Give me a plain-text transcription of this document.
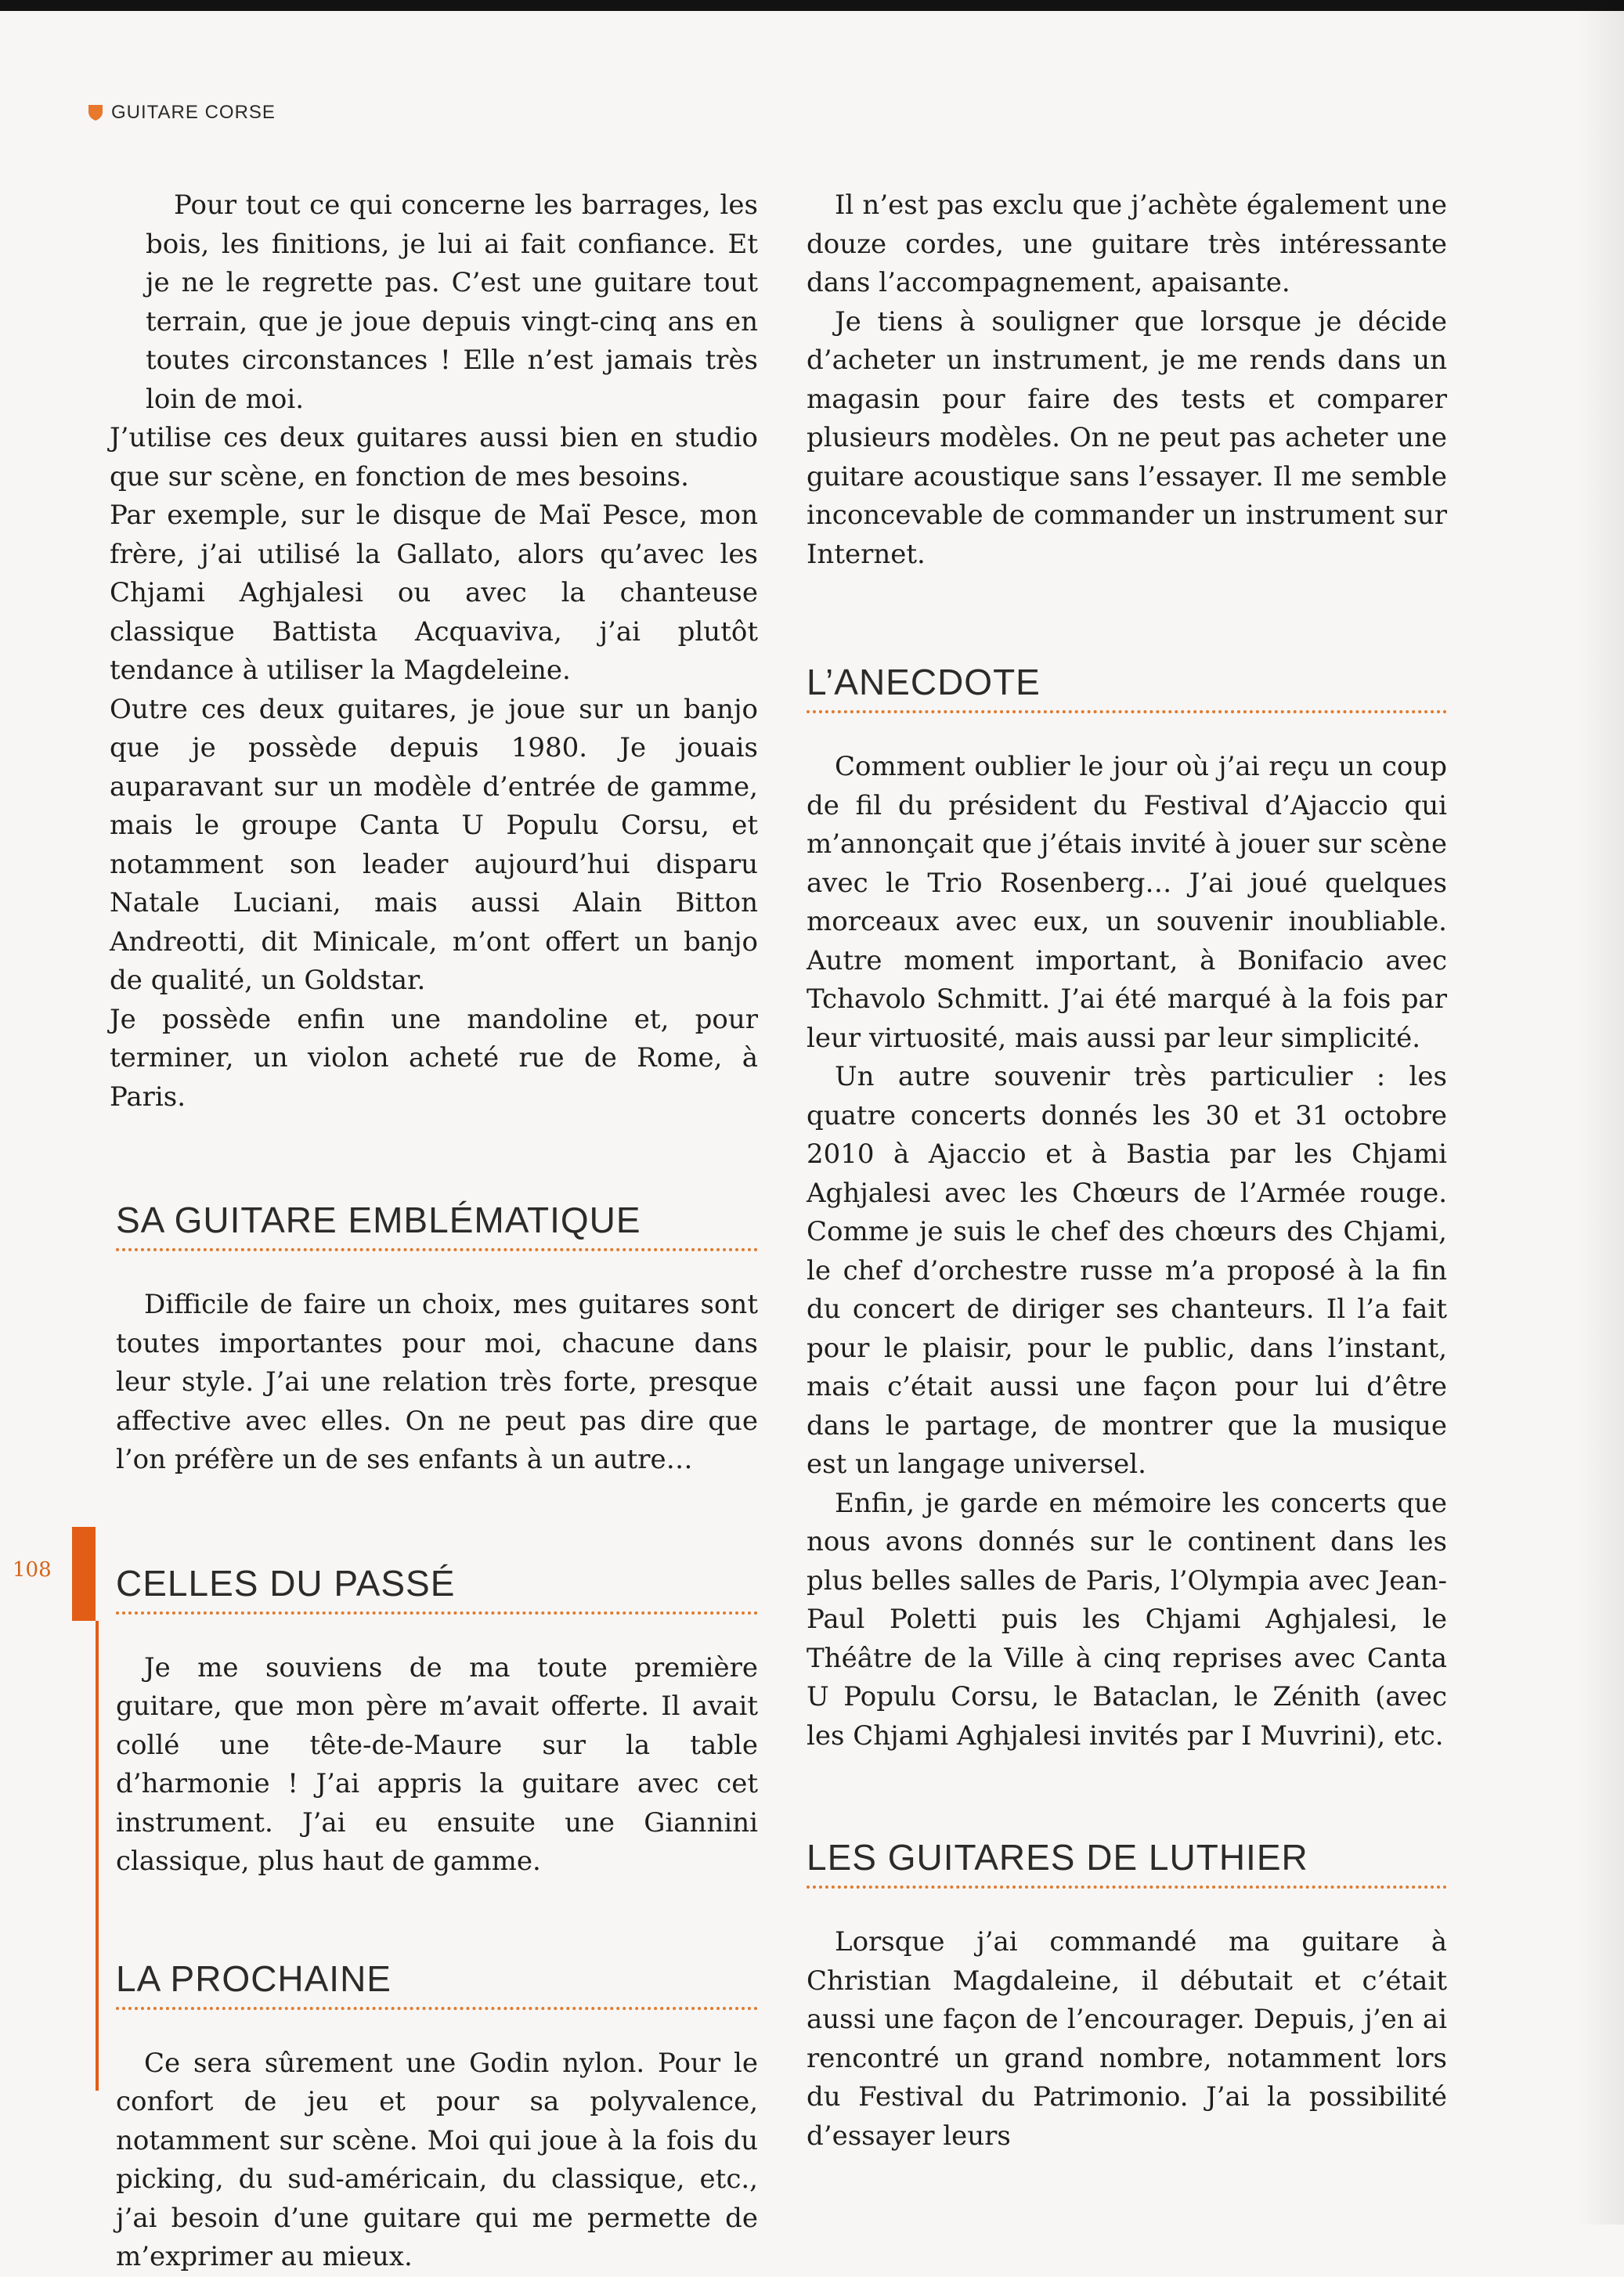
GUITARE CORSE
108

Pour tout ce qui concerne les barrages, les bois, les finitions, je lui ai fait confiance. Et je ne le regrette pas. C’est une guitare tout terrain, que je joue depuis vingt-cinq ans en toutes circonstances ! Elle n’est jamais très loin de moi.

J’utilise ces deux guitares aussi bien en studio que sur scène, en fonction de mes besoins.

Par exemple, sur le disque de Maï Pesce, mon frère, j’ai utilisé la Gallato, alors qu’avec les Chjami Aghjalesi ou avec la chanteuse classique Battista Acquaviva, j’ai plutôt tendance à utiliser la Magdeleine.

Outre ces deux guitares, je joue sur un banjo que je possède depuis 1980. Je jouais auparavant sur un modèle d’entrée de gamme, mais le groupe Canta U Populu Corsu, et notamment son leader aujourd’hui disparu Natale Luciani, mais aussi Alain Bitton Andreotti, dit Minicale, m’ont offert un banjo de qualité, un Goldstar.

Je possède enfin une mandoline et, pour terminer, un violon acheté rue de Rome, à Paris.

SA GUITARE EMBLÉMATIQUE

Difficile de faire un choix, mes guitares sont toutes importantes pour moi, chacune dans leur style. J’ai une relation très forte, presque affective avec elles. On ne peut pas dire que l’on préfère un de ses enfants à un autre…

CELLES DU PASSÉ

Je me souviens de ma toute première guitare, que mon père m’avait offerte. Il avait collé une tête-de-Maure sur la table d’harmonie ! J’ai appris la guitare avec cet instrument. J’ai eu ensuite une Giannini classique, plus haut de gamme.

LA PROCHAINE

Ce sera sûrement une Godin nylon. Pour le confort de jeu et pour sa polyvalence, notamment sur scène. Moi qui joue à la fois du picking, du sud-américain, du classique, etc., j’ai besoin d’une guitare qui me permette de m’exprimer au mieux.

Il n’est pas exclu que j’achète également une douze cordes, une guitare très intéressante dans l’accompagnement, apaisante.

Je tiens à souligner que lorsque je décide d’acheter un instrument, je me rends dans un magasin pour faire des tests et comparer plusieurs modèles. On ne peut pas acheter une guitare acoustique sans l’essayer. Il me semble inconcevable de commander un instrument sur Internet.

L’ANECDOTE

Comment oublier le jour où j’ai reçu un coup de fil du président du Festival d’Ajaccio qui m’annonçait que j’étais invité à jouer sur scène avec le Trio Rosenberg… J’ai joué quelques morceaux avec eux, un souvenir inoubliable. Autre moment important, à Bonifacio avec Tchavolo Schmitt. J’ai été marqué à la fois par leur virtuosité, mais aussi par leur simplicité.

Un autre souvenir très particulier : les quatre concerts donnés les 30 et 31 octobre 2010 à Ajaccio et à Bastia par les Chjami Aghjalesi avec les Chœurs de l’Armée rouge. Comme je suis le chef des chœurs des Chjami, le chef d’orchestre russe m’a proposé à la fin du concert de diriger ses chanteurs. Il l’a fait pour le plaisir, pour le public, dans l’instant, mais c’était aussi une façon pour lui d’être dans le partage, de montrer que la musique est un langage universel.

Enfin, je garde en mémoire les concerts que nous avons donnés sur le continent dans les plus belles salles de Paris, l’Olympia avec Jean-Paul Poletti puis les Chjami Aghjalesi, le Théâtre de la Ville à cinq reprises avec Canta U Populu Corsu, le Bataclan, le Zénith (avec les Chjami Aghjalesi invités par I Muvrini), etc.

LES GUITARES DE LUTHIER

Lorsque j’ai commandé ma guitare à Christian Magdaleine, il débutait et c’était aussi une façon de l’encourager. Depuis, j’en ai rencontré un grand nombre, notamment lors du Festival du Patrimonio. J’ai la possibilité d’essayer leurs
